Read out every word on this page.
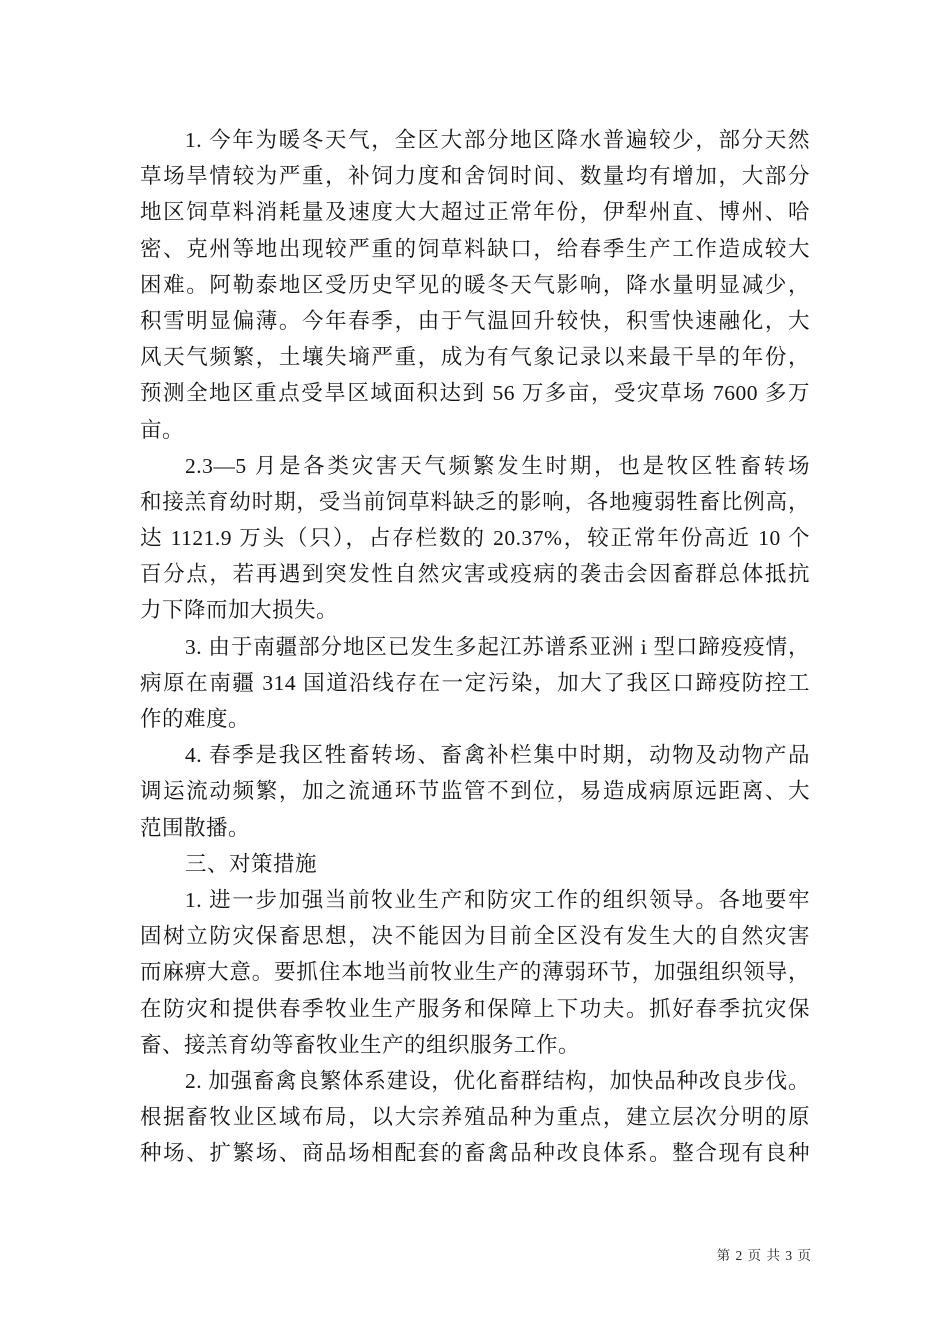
1. 今年为暖冬天气，全区大部分地区降水普遍较少，部分天然
草场旱情较为严重，补饲力度和舍饲时间、数量均有增加，大部分
地区饲草料消耗量及速度大大超过正常年份，伊犁州直、博州、哈
密、克州等地出现较严重的饲草料缺口，给春季生产工作造成较大
困难。阿勒泰地区受历史罕见的暖冬天气影响，降水量明显减少，
积雪明显偏薄。今年春季，由于气温回升较快，积雪快速融化，大
风天气频繁，土壤失墒严重，成为有气象记录以来最干旱的年份，
预测全地区重点受旱区域面积达到 56 万多亩，受灾草场 7600 多万
亩。

2.3—5 月是各类灾害天气频繁发生时期，也是牧区牲畜转场
和接羔育幼时期，受当前饲草料缺乏的影响，各地瘦弱牲畜比例高，
达 1121.9 万头（只），占存栏数的 20.37%，较正常年份高近 10 个
百分点，若再遇到突发性自然灾害或疫病的袭击会因畜群总体抵抗
力下降而加大损失。

3. 由于南疆部分地区已发生多起江苏谱系亚洲 i 型口蹄疫疫情，
病原在南疆 314 国道沿线存在一定污染，加大了我区口蹄疫防控工
作的难度。

4. 春季是我区牲畜转场、畜禽补栏集中时期，动物及动物产品
调运流动频繁，加之流通环节监管不到位，易造成病原远距离、大
范围散播。

三、对策措施

1. 进一步加强当前牧业生产和防灾工作的组织领导。各地要牢
固树立防灾保畜思想，决不能因为目前全区没有发生大的自然灾害
而麻痹大意。要抓住本地当前牧业生产的薄弱环节，加强组织领导，
在防灾和提供春季牧业生产服务和保障上下功夫。抓好春季抗灾保
畜、接羔育幼等畜牧业生产的组织服务工作。

2. 加强畜禽良繁体系建设，优化畜群结构，加快品种改良步伐。
根据畜牧业区域布局，以大宗养殖品种为重点，建立层次分明的原
种场、扩繁场、商品场相配套的畜禽品种改良体系。整合现有良种

第 2 页 共 3 页
